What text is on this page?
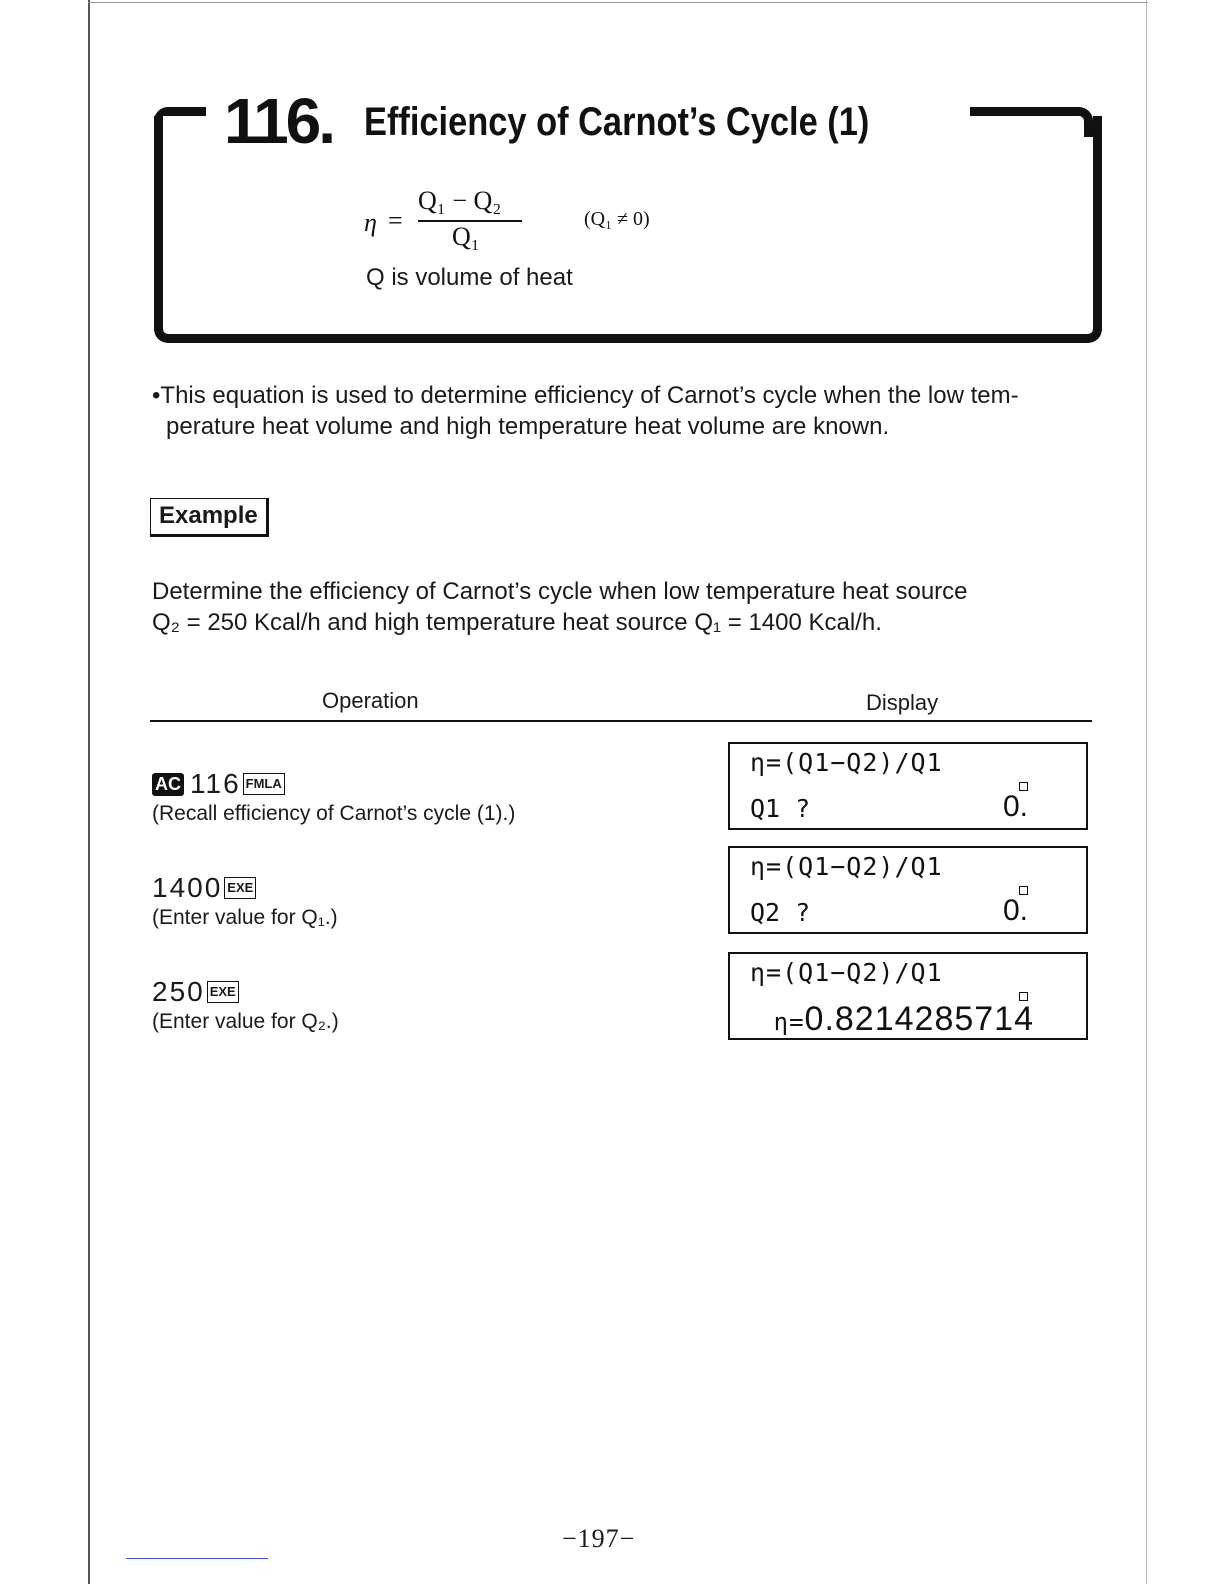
116. Efficiency of Carnot’s Cycle (1)
η =
Q₁ − Q₂
Q₁
(Q₁ ≠ 0)
Q is volume of heat
•This equation is used to determine efficiency of Carnot’s cycle when the low tem-
perature heat volume and high temperature heat volume are known.
Example
Determine the efficiency of Carnot’s cycle when low temperature heat source
Q₂ = 250 Kcal/h and high temperature heat source Q₁ = 1400 Kcal/h.
Operation	Display
AC 116 FMLA
(Recall efficiency of Carnot’s cycle (1).)
η=(Q1−Q2)/Q1
Q1 ?	0.
1400 EXE
(Enter value for Q₁.)
η=(Q1−Q2)/Q1
Q2 ?	0.
250 EXE
(Enter value for Q₂.)
η=(Q1−Q2)/Q1
η=0.8214285714
−197−
